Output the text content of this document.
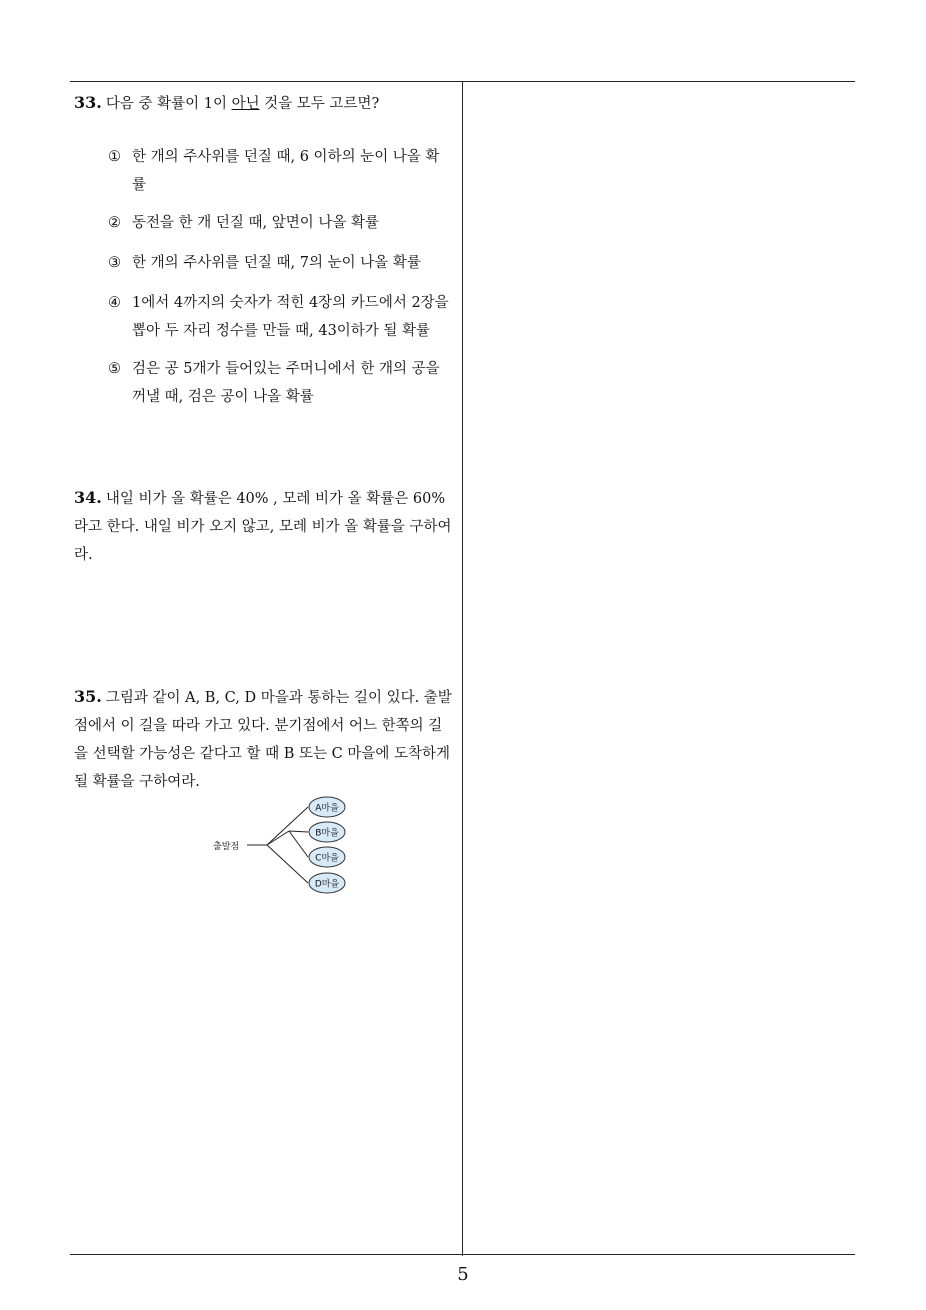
33. 다음 중 확률이 1이 아닌 것을 모두 고르면?
① 한 개의 주사위를 던질 때, 6 이하의 눈이 나올 확률
② 동전을 한 개 던질 때, 앞면이 나올 확률
③ 한 개의 주사위를 던질 때, 7의 눈이 나올 확률
④ 1에서 4까지의 숫자가 적힌 4장의 카드에서 2장을 뽑아 두 자리 정수를 만들 때, 43이하가 될 확률
⑤ 검은 공 5개가 들어있는 주머니에서 한 개의 공을 꺼낼 때, 검은 공이 나올 확률
34. 내일 비가 올 확률은 40% , 모레 비가 올 확률은 60% 라고 한다. 내일 비가 오지 않고, 모레 비가 올 확률을 구하여라.
35. 그림과 같이 A, B, C, D 마을과 통하는 길이 있다. 출발점에서 이 길을 따라 가고 있다. 분기점에서 어느 한쪽의 길을 선택할 가능성은 같다고 할 때 B 또는 C 마을에 도착하게 될 확률을 구하여라.
출발점
A마을
B마을
C마을
D마을
5
